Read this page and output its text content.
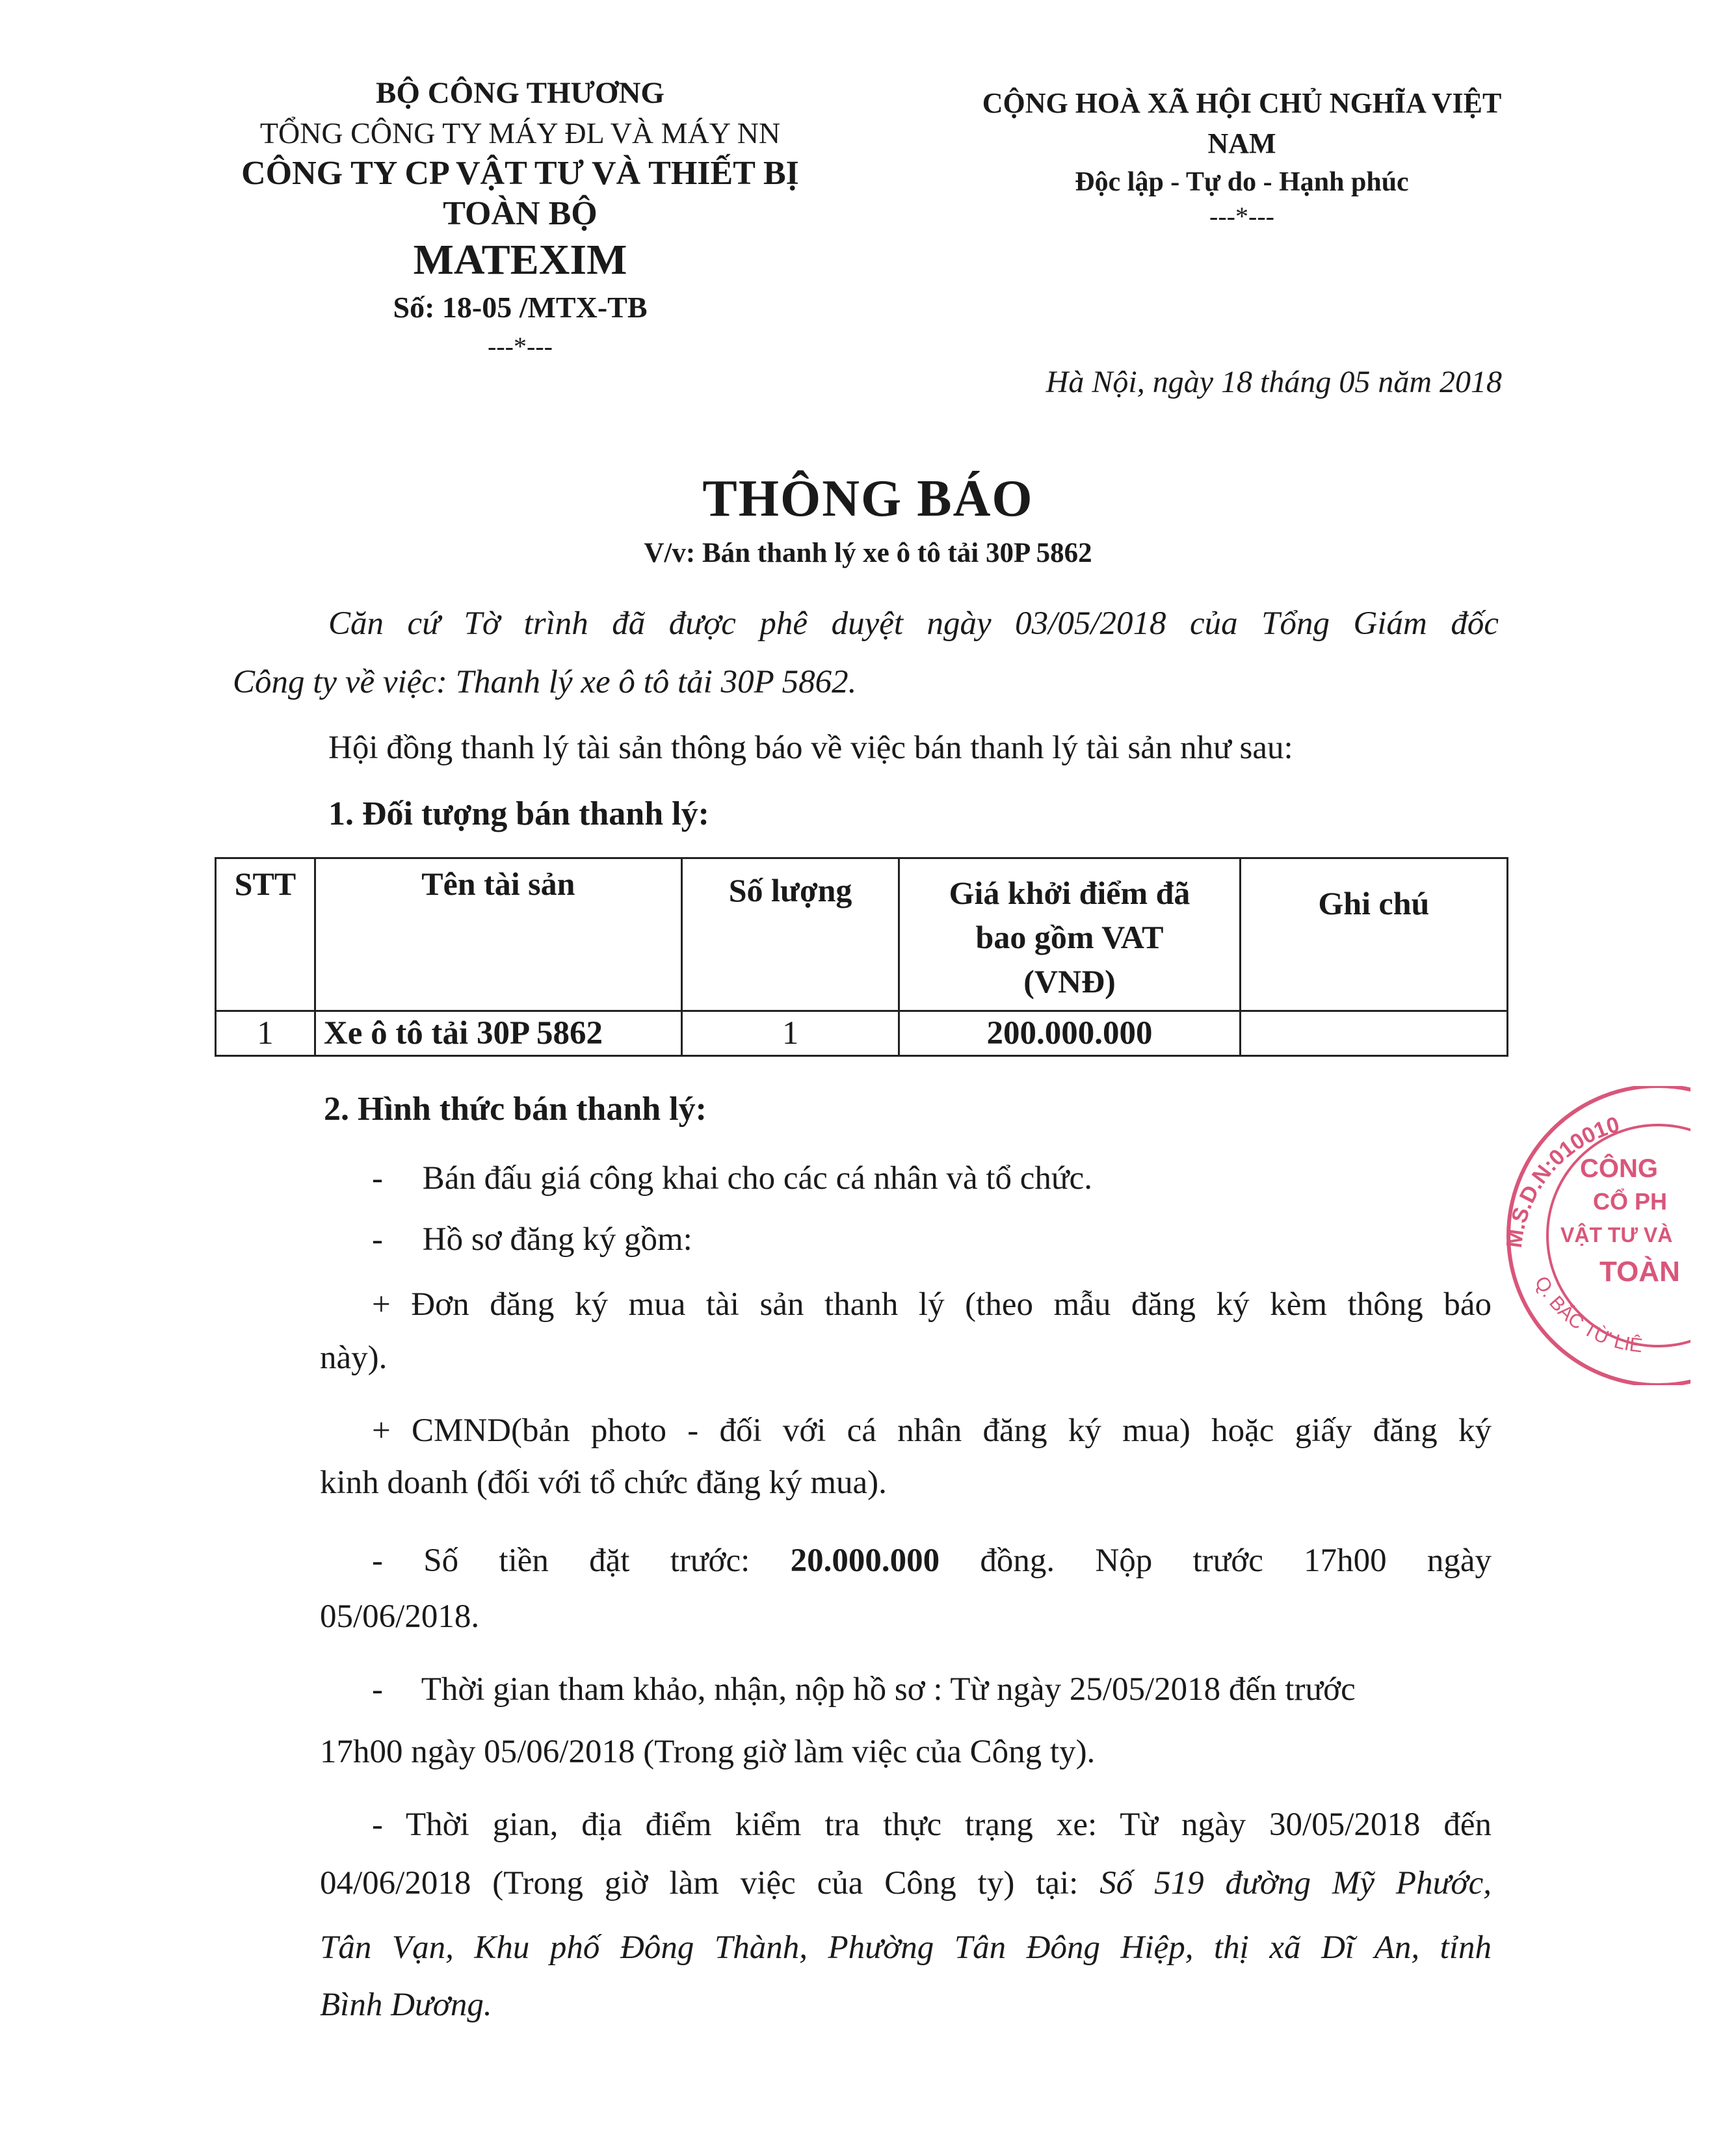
BỘ CÔNG THƯƠNG
TỔNG CÔNG TY MÁY ĐL VÀ MÁY NN
CÔNG TY CP VẬT TƯ VÀ THIẾT BỊ TOÀN BỘ
MATEXIM
Số: 18-05 /MTX-TB
---*---
CỘNG HOÀ XÃ HỘI CHỦ NGHĨA VIỆT NAM
Độc lập - Tự do - Hạnh phúc
---*---
Hà Nội, ngày 18 tháng 05 năm 2018
THÔNG BÁO
V/v: Bán thanh lý xe ô tô tải 30P 5862
Căn cứ Tờ trình đã được phê duyệt ngày 03/05/2018 của Tổng Giám đốc
Công ty về việc: Thanh lý xe ô tô tải 30P 5862.
Hội đồng thanh lý tài sản thông báo về việc bán thanh lý tài sản như sau:
1. Đối tượng bán thanh lý:
STT	Tên tài sản	Số lượng	Giá khởi điểm đã
bao gồm VAT
(VNĐ)	Ghi chú
1	Xe ô tô tải 30P 5862	1	200.000.000	
2. Hình thức bán thanh lý:
- Bán đấu giá công khai cho các cá nhân và tổ chức.
- Hồ sơ đăng ký gồm:
+ Đơn đăng ký mua tài sản thanh lý (theo mẫu đăng ký kèm thông báo
này).
+ CMND(bản photo - đối với cá nhân đăng ký mua) hoặc giấy đăng ký
kinh doanh (đối với tổ chức đăng ký mua).
- Số tiền đặt trước: 20.000.000 đồng. Nộp trước 17h00 ngày
05/06/2018.
- Thời gian tham khảo, nhận, nộp hồ sơ : Từ ngày 25/05/2018 đến trước
17h00 ngày 05/06/2018 (Trong giờ làm việc của Công ty).
- Thời gian, địa điểm kiểm tra thực trạng xe: Từ ngày 30/05/2018 đến
04/06/2018 (Trong giờ làm việc của Công ty) tại: Số 519 đường Mỹ Phước,
Tân Vạn, Khu phố Đông Thành, Phường Tân Đông Hiệp, thị xã Dĩ An, tỉnh
Bình Dương.
M.S.D.N:010010
Q. BẮC TỪ LIÊ
CÔNG
CỔ PH
VẬT TƯ VÀ
TOÀN
